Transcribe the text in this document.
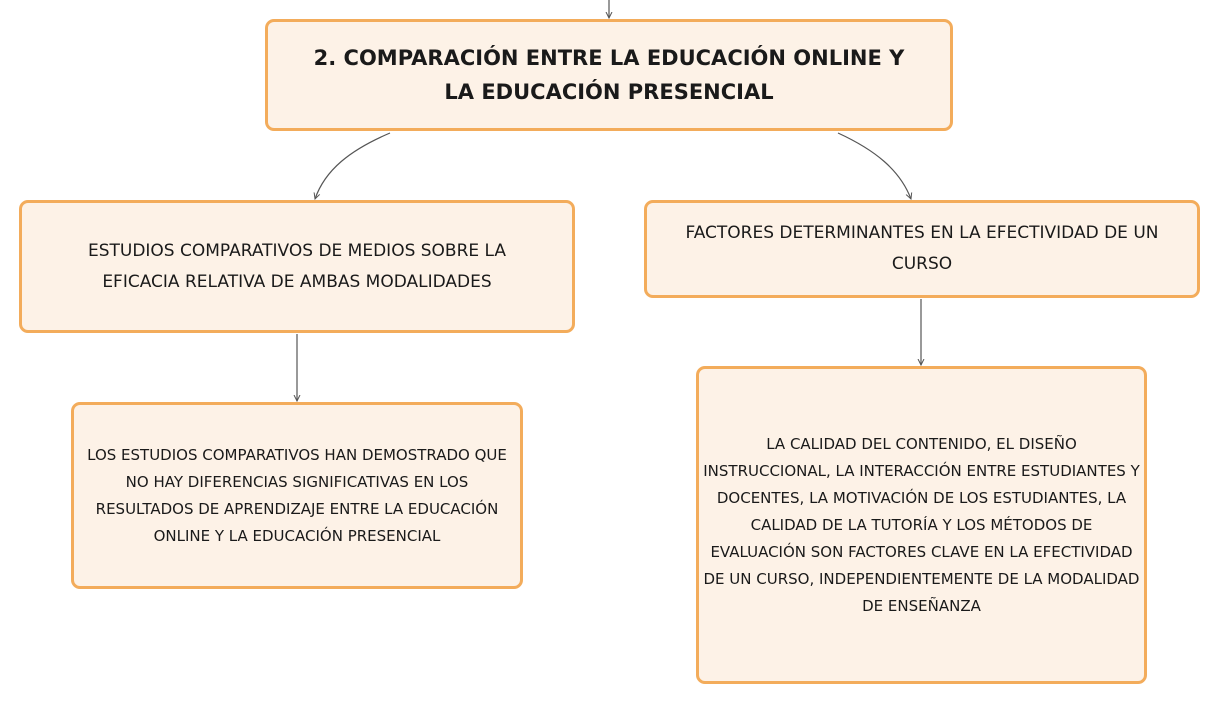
2. COMPARACIÓN ENTRE LA EDUCACIÓN ONLINE Y LA EDUCACIÓN PRESENCIAL
ESTUDIOS COMPARATIVOS DE MEDIOS SOBRE LA EFICACIA RELATIVA DE AMBAS MODALIDADES
FACTORES DETERMINANTES EN LA EFECTIVIDAD DE UN CURSO
LOS ESTUDIOS COMPARATIVOS HAN DEMOSTRADO QUE NO HAY DIFERENCIAS SIGNIFICATIVAS EN LOS RESULTADOS DE APRENDIZAJE ENTRE LA EDUCACIÓN ONLINE Y LA EDUCACIÓN PRESENCIAL
LA CALIDAD DEL CONTENIDO, EL DISEÑO INSTRUCCIONAL, LA INTERACCIÓN ENTRE ESTUDIANTES Y DOCENTES, LA MOTIVACIÓN DE LOS ESTUDIANTES, LA CALIDAD DE LA TUTORÍA Y LOS MÉTODOS DE EVALUACIÓN SON FACTORES CLAVE EN LA EFECTIVIDAD DE UN CURSO, INDEPENDIENTEMENTE DE LA MODALIDAD DE ENSEÑANZA
